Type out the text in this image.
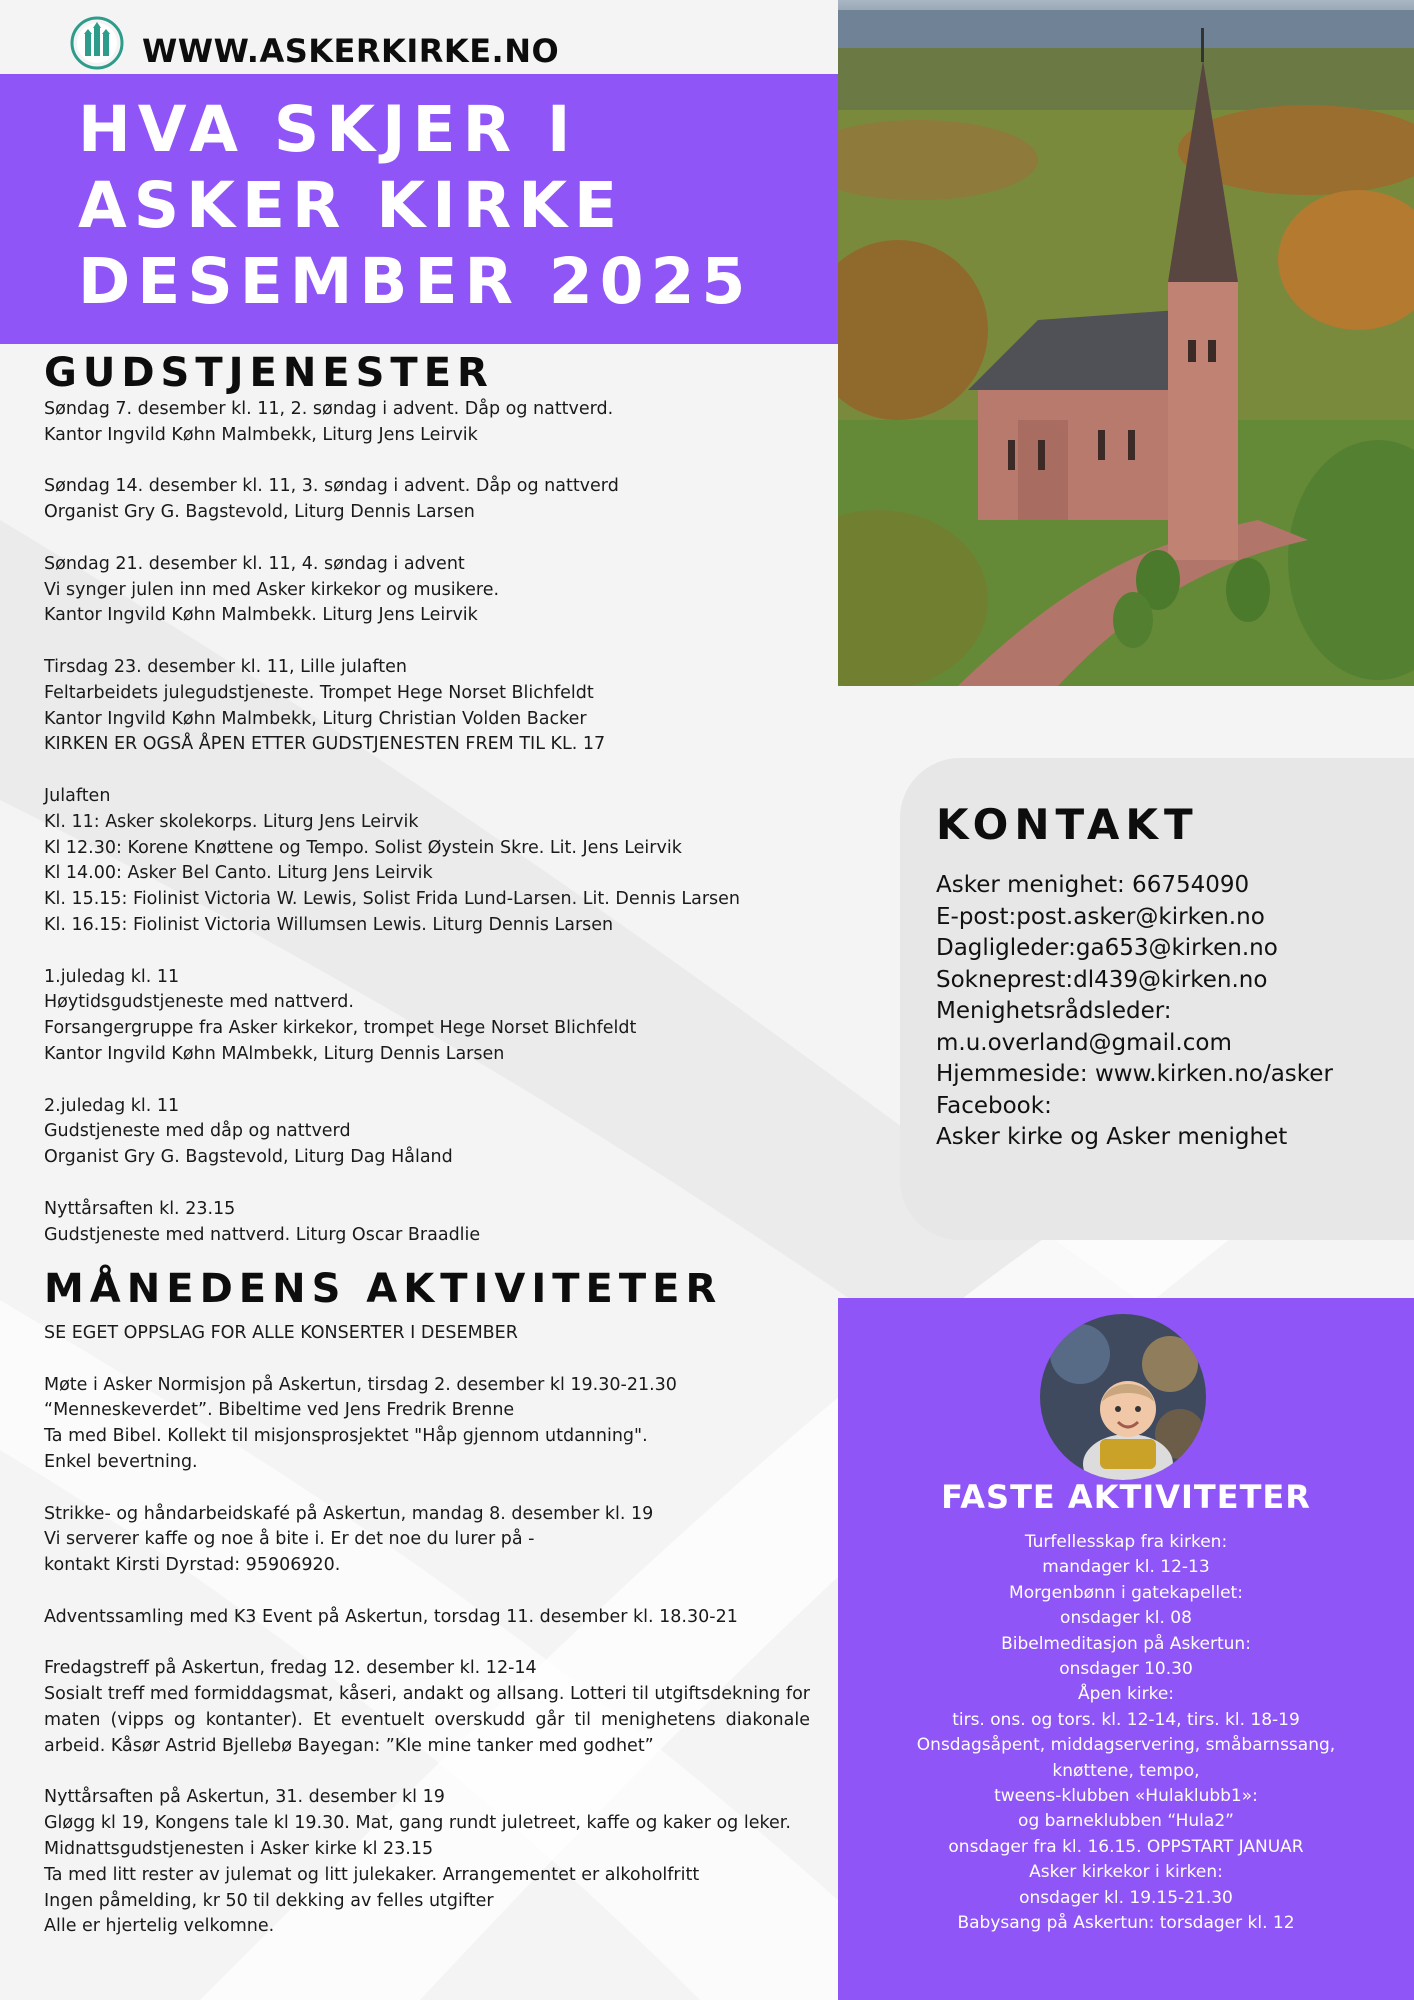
WWW.ASKERKIRKE.NO
HVA SKJER I
ASKER KIRKE
DESEMBER 2025
GUDSTJENESTER

Søndag 7. desember kl. 11, 2. søndag i advent. Dåp og nattverd.
Kantor Ingvild Køhn Malmbekk, Liturg Jens Leirvik

Søndag 14. desember kl. 11, 3. søndag i advent. Dåp og nattverd
Organist Gry G. Bagstevold, Liturg Dennis Larsen

Søndag 21. desember kl. 11, 4. søndag i advent
Vi synger julen inn med Asker kirkekor og musikere.
Kantor Ingvild Køhn Malmbekk. Liturg Jens Leirvik

Tirsdag 23. desember kl. 11, Lille julaften
Feltarbeidets julegudstjeneste. Trompet Hege Norset Blichfeldt
Kantor Ingvild Køhn Malmbekk, Liturg Christian Volden Backer
KIRKEN ER OGSÅ ÅPEN ETTER GUDSTJENESTEN FREM TIL KL. 17

Julaften
Kl. 11: Asker skolekorps. Liturg Jens Leirvik
Kl 12.30: Korene Knøttene og Tempo. Solist Øystein Skre. Lit. Jens Leirvik
Kl 14.00: Asker Bel Canto. Liturg Jens Leirvik
Kl. 15.15: Fiolinist Victoria W. Lewis, Solist Frida Lund-Larsen. Lit. Dennis Larsen
Kl. 16.15: Fiolinist Victoria Willumsen Lewis. Liturg Dennis Larsen

1.juledag kl. 11
Høytidsgudstjeneste med nattverd.
Forsangergruppe fra Asker kirkekor, trompet Hege Norset Blichfeldt
Kantor Ingvild Køhn MAlmbekk, Liturg Dennis Larsen

2.juledag kl. 11
Gudstjeneste med dåp og nattverd
Organist Gry G. Bagstevold, Liturg Dag Håland

Nyttårsaften kl. 23.15
Gudstjeneste med nattverd. Liturg Oscar Braadlie

MÅNEDENS AKTIVITETER

SE EGET OPPSLAG FOR ALLE KONSERTER I DESEMBER

Møte i Asker Normisjon på Askertun, tirsdag 2. desember kl 19.30-21.30
“Menneskeverdet”. Bibeltime ved Jens Fredrik Brenne
Ta med Bibel. Kollekt til misjonsprosjektet "Håp gjennom utdanning".
Enkel bevertning.

Strikke- og håndarbeidskafé på Askertun, mandag 8. desember kl. 19
Vi serverer kaffe og noe å bite i. Er det noe du lurer på -
kontakt Kirsti Dyrstad: 95906920.

Adventssamling med K3 Event på Askertun, torsdag 11. desember kl. 18.30-21

Fredagstreff på Askertun, fredag 12. desember kl. 12-14
Sosialt treff med formiddagsmat, kåseri, andakt og allsang. Lotteri til utgiftsdekning for maten (vipps og kontanter). Et eventuelt overskudd går til menighetens diakonale arbeid. Kåsør Astrid Bjellebø Bayegan: ”Kle mine tanker med godhet”

Nyttårsaften på Askertun, 31. desember kl 19
Gløgg kl 19, Kongens tale kl 19.30. Mat, gang rundt juletreet, kaffe og kaker og leker.
Midnattsgudstjenesten i Asker kirke kl 23.15
Ta med litt rester av julemat og litt julekaker. Arrangementet er alkoholfritt
Ingen påmelding, kr 50 til dekking av felles utgifter
Alle er hjertelig velkomne.

KONTAKT
Asker menighet: 66754090
E-post:post.asker@kirken.no
Dagligleder:ga653@kirken.no
Sokneprest:dl439@kirken.no
Menighetsrådsleder:
m.u.overland@gmail.com
Hjemmeside: www.kirken.no/asker
Facebook:
Asker kirke og Asker menighet
FASTE AKTIVITETER
Turfellesskap fra kirken:
mandager kl. 12-13
Morgenbønn i gatekapellet:
onsdager kl. 08
Bibelmeditasjon på Askertun:
onsdager 10.30
Åpen kirke:
tirs. ons. og tors. kl. 12-14, tirs. kl. 18-19
Onsdagsåpent, middagservering, småbarnssang,
knøttene, tempo,
tweens-klubben «Hulaklubb1»:
og barneklubben “Hula2”
onsdager fra kl. 16.15. OPPSTART JANUAR
Asker kirkekor i kirken:
onsdager kl. 19.15-21.30
Babysang på Askertun: torsdager kl. 12
